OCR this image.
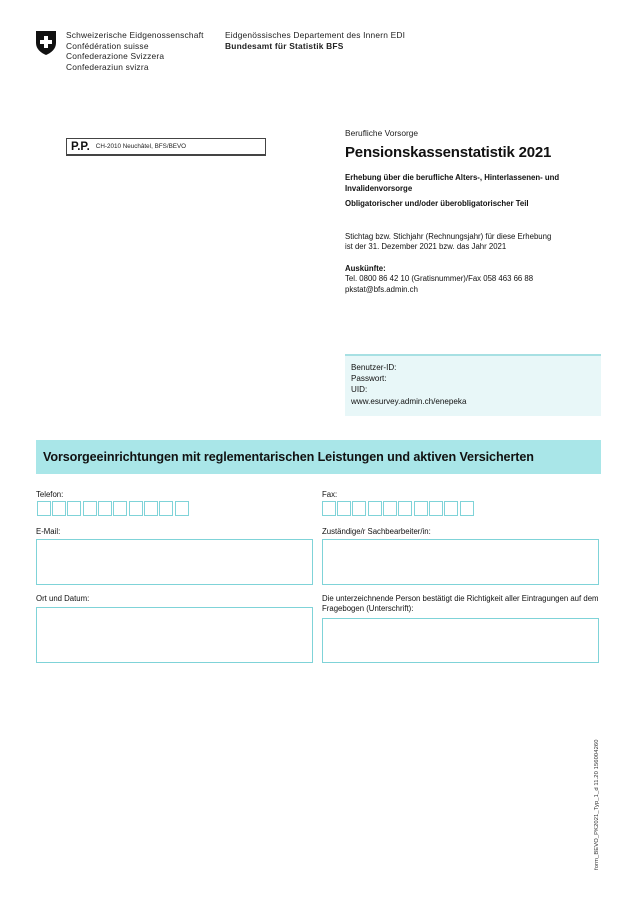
Schweizerische Eidgenossenschaft
Confédération suisse
Confederazione Svizzera
Confederaziun svizra
Eidgenössisches Departement des Innern EDI
Bundesamt für Statistik BFS
P.P. CH-2010 Neuchâtel, BFS/BEVO
Berufliche Vorsorge
Pensionskassenstatistik 2021
Erhebung über die berufliche Alters-, Hinterlassenen- und Invalidenvorsorge
Obligatorischer und/oder überobligatorischer Teil
Stichtag bzw. Stichjahr (Rechnungsjahr) für diese Erhebung ist der 31. Dezember 2021 bzw. das Jahr 2021
Auskünfte:
Tel. 0800 86 42 10 (Gratisnummer)/Fax 058 463 66 88
pkstat@bfs.admin.ch
Benutzer-ID:
Passwort:
UID:
www.esurvey.admin.ch/enepeka
Vorsorgeeinrichtungen mit reglementarischen Leistungen und aktiven Versicherten
Telefon:	Fax:
E-Mail:	Zuständige/r Sachbearbeiter/in:
Ort und Datum:	Die unterzeichnende Person bestätigt die Richtigkeit aller Eintragungen auf dem Fragebogen (Unterschrift):
form_BEVO_PK2021_Typ_1_d 11.20 156004260
